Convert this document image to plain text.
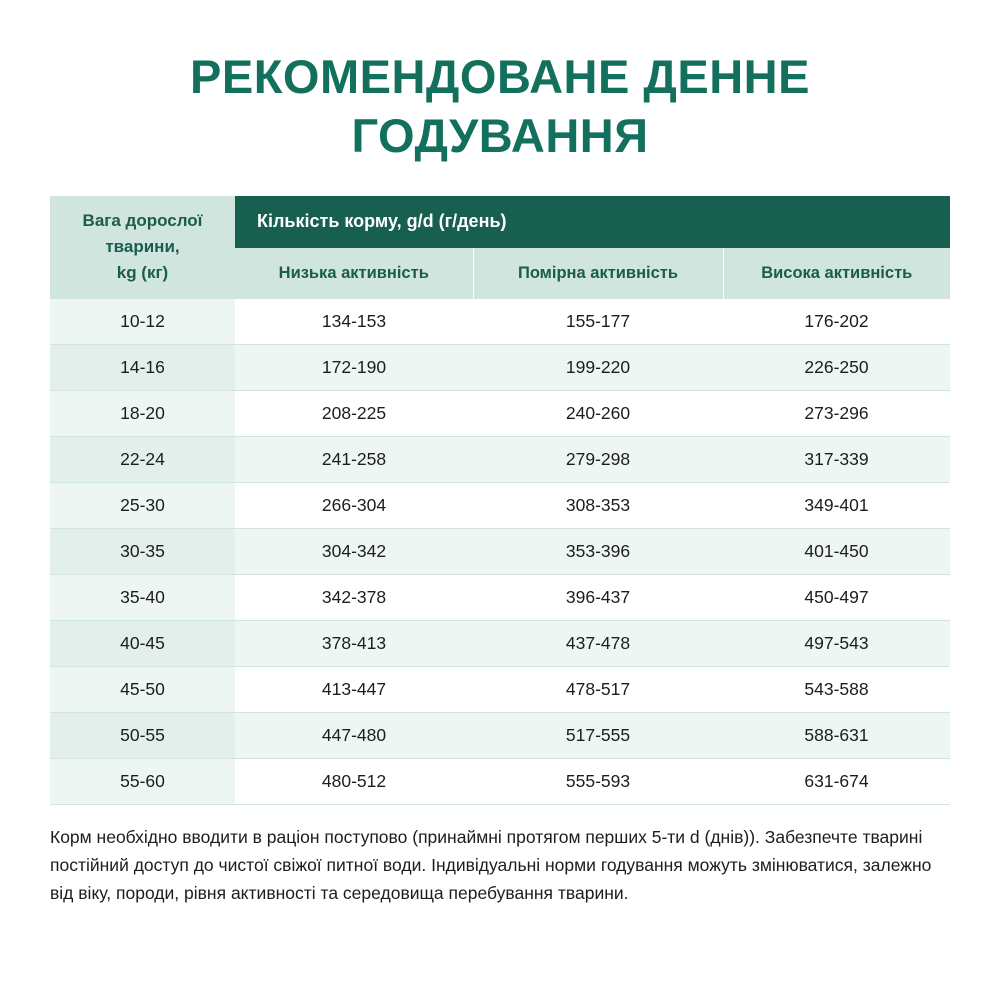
РЕКОМЕНДОВАНЕ ДЕННЕ ГОДУВАННЯ
Вага дорослої
тварини,
kg (кг)	Кількість корму, g/d (г/день)		
	Низька активність	Помірна активність	Висока активність
10-12	134-153	155-177	176-202
14-16	172-190	199-220	226-250
18-20	208-225	240-260	273-296
22-24	241-258	279-298	317-339
25-30	266-304	308-353	349-401
30-35	304-342	353-396	401-450
35-40	342-378	396-437	450-497
40-45	378-413	437-478	497-543
45-50	413-447	478-517	543-588
50-55	447-480	517-555	588-631
55-60	480-512	555-593	631-674

Корм необхідно вводити в раціон поступово (принаймні протягом перших 5-ти d (днів)). Забезпечте тварині постійний доступ до чистої свіжої питної води. Індивідуальні норми годування можуть змінюватися, залежно від віку, породи, рівня активності та середовища перебування тварини.
